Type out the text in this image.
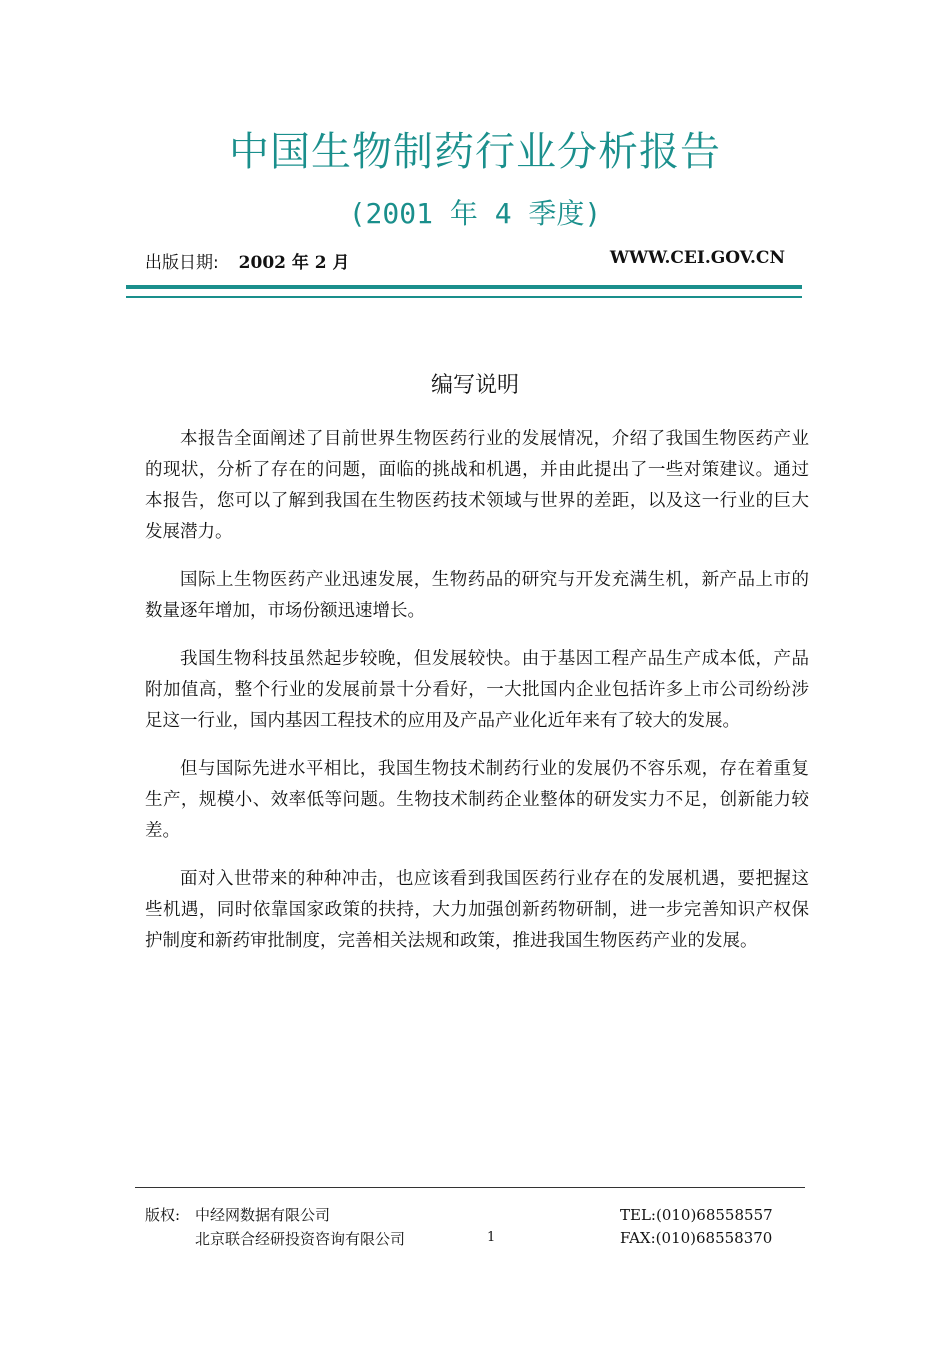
中国生物制药行业分析报告
(2001 年 4 季度)
出版日期: 2002 年 2 月	WWW.CEI.GOV.CN
编写说明

本报告全面阐述了目前世界生物医药行业的发展情况，介绍了我国生物医药产业的现状，分析了存在的问题，面临的挑战和机遇，并由此提出了一些对策建议。通过本报告，您可以了解到我国在生物医药技术领域与世界的差距，以及这一行业的巨大发展潜力。

国际上生物医药产业迅速发展，生物药品的研究与开发充满生机，新产品上市的数量逐年增加，市场份额迅速增长。

我国生物科技虽然起步较晚，但发展较快。由于基因工程产品生产成本低，产品附加值高，整个行业的发展前景十分看好，一大批国内企业包括许多上市公司纷纷涉足这一行业，国内基因工程技术的应用及产品产业化近年来有了较大的发展。

但与国际先进水平相比，我国生物技术制药行业的发展仍不容乐观，存在着重复生产，规模小、效率低等问题。生物技术制药企业整体的研发实力不足，创新能力较差。

面对入世带来的种种冲击，也应该看到我国医药行业存在的发展机遇，要把握这些机遇，同时依靠国家政策的扶持，大力加强创新药物研制，进一步完善知识产权保护制度和新药审批制度，完善相关法规和政策，推进我国生物医药产业的发展。

版权: 中经网数据有限公司
北京联合经研投资咨询有限公司	1
TEL:(010)68558557
FAX:(010)68558370
